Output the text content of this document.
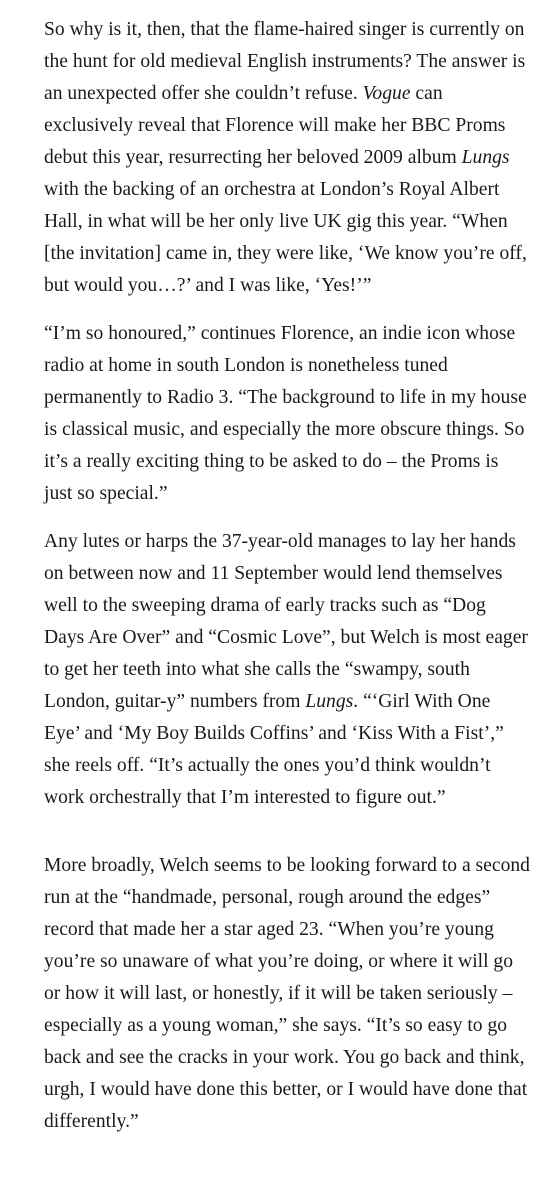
So why is it, then, that the flame-haired singer is currently on the hunt for old medieval English instruments? The answer is an unexpected offer she couldn’t refuse. Vogue can exclusively reveal that Florence will make her BBC Proms debut this year, resurrecting her beloved 2009 album Lungs with the backing of an orchestra at London’s Royal Albert Hall, in what will be her only live UK gig this year. “When [the invitation] came in, they were like, ‘We know you’re off, but would you…?’ and I was like, ‘Yes!’”

“I’m so honoured,” continues Florence, an indie icon whose radio at home in south London is nonetheless tuned permanently to Radio 3. “The background to life in my house is classical music, and especially the more obscure things. So it’s a really exciting thing to be asked to do – the Proms is just so special.”

Any lutes or harps the 37-year-old manages to lay her hands on between now and 11 September would lend themselves well to the sweeping drama of early tracks such as “Dog Days Are Over” and “Cosmic Love”, but Welch is most eager to get her teeth into what she calls the “swampy, south London, guitar-y” numbers from Lungs. “‘Girl With One Eye’ and ‘My Boy Builds Coffins’ and ‘Kiss With a Fist’,” she reels off. “It’s actually the ones you’d think wouldn’t work orchestrally that I’m interested to figure out.”

More broadly, Welch seems to be looking forward to a second run at the “handmade, personal, rough around the edges” record that made her a star aged 23. “When you’re young you’re so unaware of what you’re doing, or where it will go or how it will last, or honestly, if it will be taken seriously – especially as a young woman,” she says. “It’s so easy to go back and see the cracks in your work. You go back and think, urgh, I would have done this better, or I would have done that differently.”
